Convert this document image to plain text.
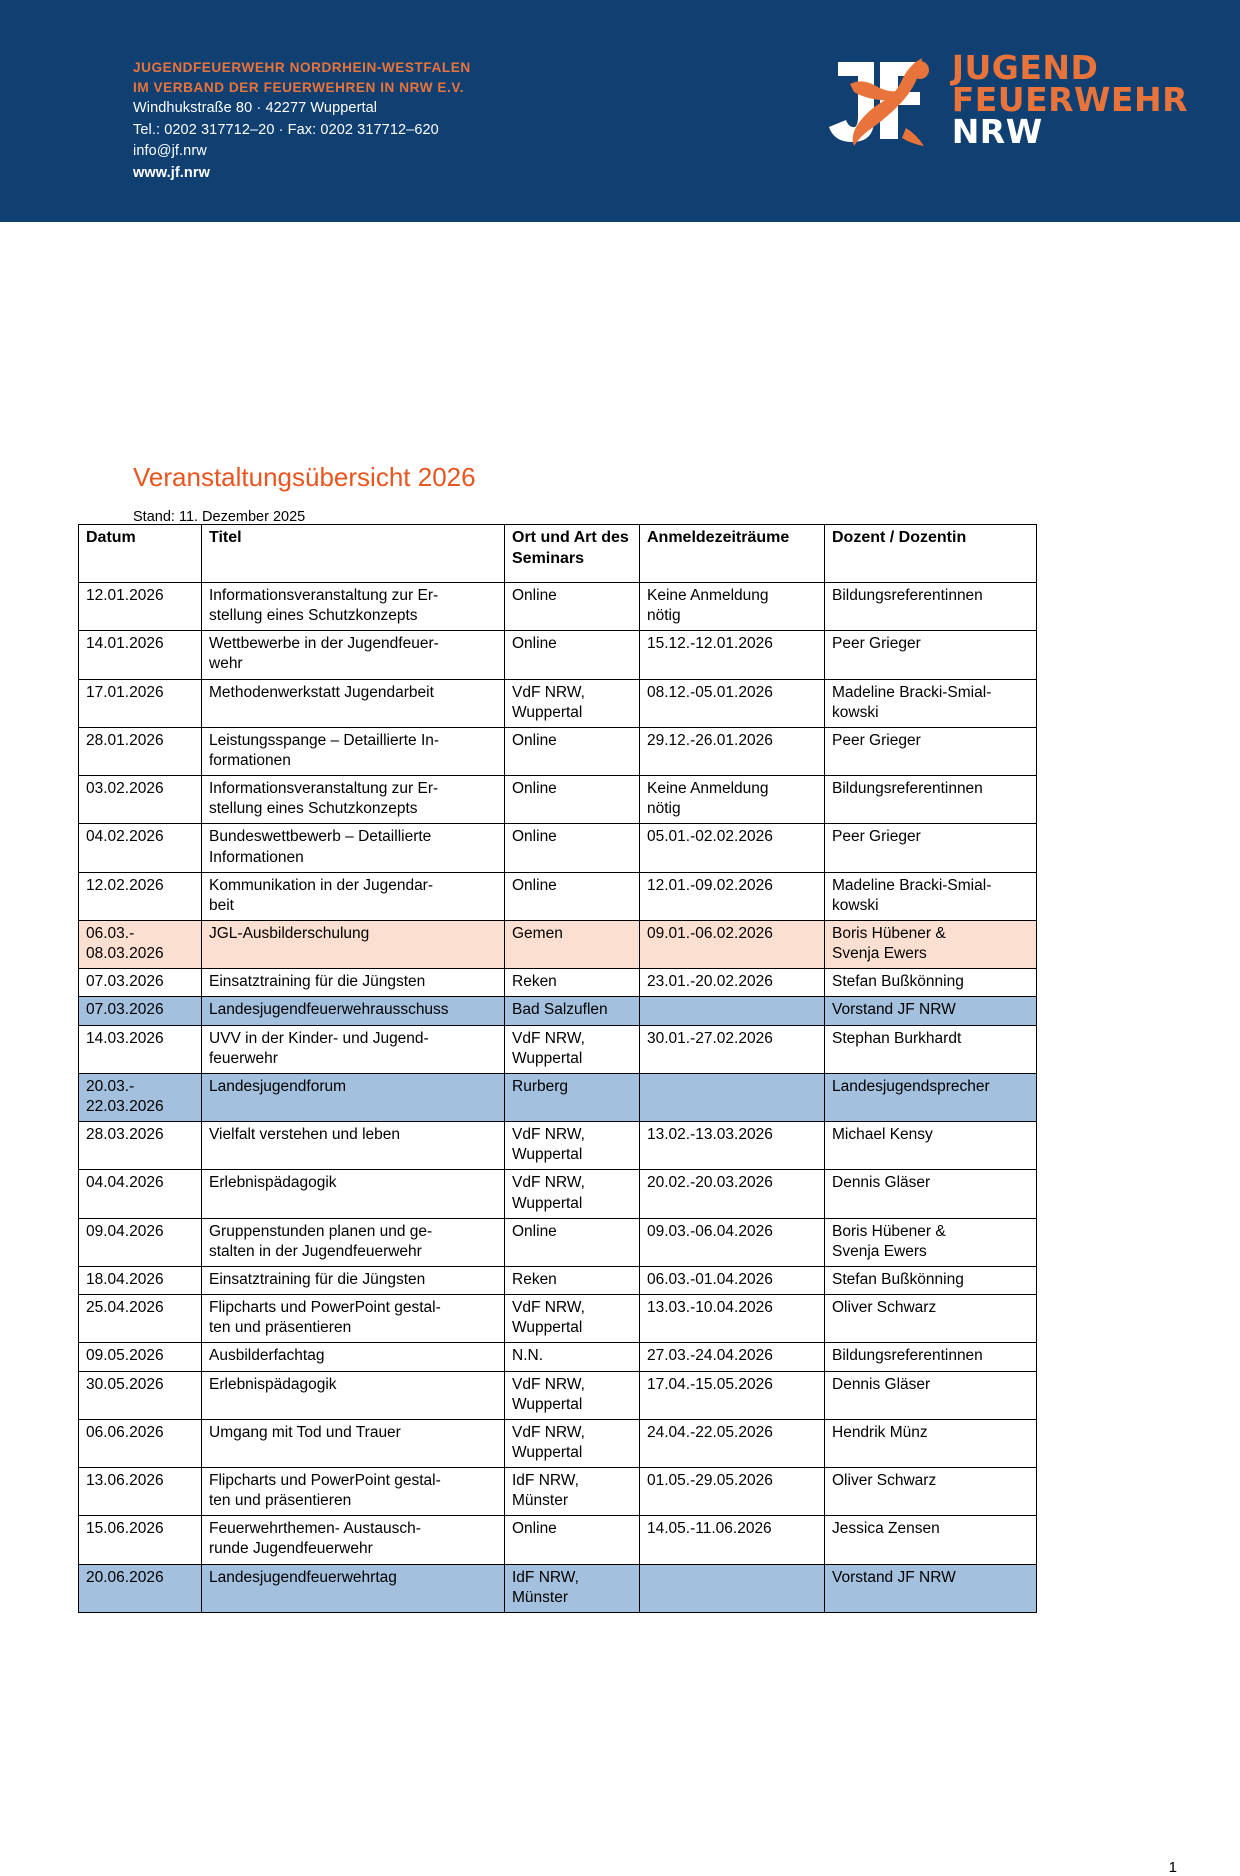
JUGENDFEUERWEHR NORDRHEIN-WESTFALEN
IM VERBAND DER FEUERWEHREN IN NRW E.V.
Windhukstraße 80 · 42277 Wuppertal
Tel.: 0202 317712–20 · Fax: 0202 317712–620
info@jf.nrw
www.jf.nrw
JUGEND
FEUERWEHR
NRW
Veranstaltungsübersicht 2026
Stand: 11. Dezember 2025
Datum	Titel	Ort und Art des Seminars	Anmeldezeiträume	Dozent / Dozentin

12.01.2026	Informationsveranstaltung zur Er-
stellung eines Schutzkonzepts	Online	Keine Anmeldung
nötig	Bildungsreferentinnen

14.01.2026	Wettbewerbe in der Jugendfeuer-
wehr	Online	15.12.-12.01.2026	Peer Grieger

17.01.2026	Methodenwerkstatt Jugendarbeit	VdF NRW,
Wuppertal	08.12.-05.01.2026	Madeline Bracki-Smial-
kowski

28.01.2026	Leistungsspange – Detaillierte In-
formationen	Online	29.12.-26.01.2026	Peer Grieger

03.02.2026	Informationsveranstaltung zur Er-
stellung eines Schutzkonzepts	Online	Keine Anmeldung
nötig	Bildungsreferentinnen

04.02.2026	Bundeswettbewerb – Detaillierte
Informationen	Online	05.01.-02.02.2026	Peer Grieger

12.02.2026	Kommunikation in der Jugendar-
beit	Online	12.01.-09.02.2026	Madeline Bracki-Smial-
kowski

06.03.-
08.03.2026	JGL-Ausbilderschulung	Gemen	09.01.-06.02.2026	Boris Hübener &
Svenja Ewers

07.03.2026	Einsatztraining für die Jüngsten	Reken	23.01.-20.02.2026	Stefan Bußkönning

07.03.2026	Landesjugendfeuerwehrausschuss	Bad Salzuflen		Vorstand JF NRW

14.03.2026	UVV in der Kinder- und Jugend-
feuerwehr	VdF NRW,
Wuppertal	30.01.-27.02.2026	Stephan Burkhardt

20.03.-
22.03.2026	Landesjugendforum	Rurberg		Landesjugendsprecher

28.03.2026	Vielfalt verstehen und leben	VdF NRW,
Wuppertal	13.02.-13.03.2026	Michael Kensy

04.04.2026	Erlebnispädagogik	VdF NRW,
Wuppertal	20.02.-20.03.2026	Dennis Gläser

09.04.2026	Gruppenstunden planen und ge-
stalten in der Jugendfeuerwehr	Online	09.03.-06.04.2026	Boris Hübener &
Svenja Ewers

18.04.2026	Einsatztraining für die Jüngsten	Reken	06.03.-01.04.2026	Stefan Bußkönning

25.04.2026	Flipcharts und PowerPoint gestal-
ten und präsentieren	VdF NRW,
Wuppertal	13.03.-10.04.2026	Oliver Schwarz

09.05.2026	Ausbilderfachtag	N.N.	27.03.-24.04.2026	Bildungsreferentinnen

30.05.2026	Erlebnispädagogik	VdF NRW,
Wuppertal	17.04.-15.05.2026	Dennis Gläser

06.06.2026	Umgang mit Tod und Trauer	VdF NRW,
Wuppertal	24.04.-22.05.2026	Hendrik Münz

13.06.2026	Flipcharts und PowerPoint gestal-
ten und präsentieren	IdF NRW,
Münster	01.05.-29.05.2026	Oliver Schwarz

15.06.2026	Feuerwehrthemen- Austausch-
runde Jugendfeuerwehr	Online	14.05.-11.06.2026	Jessica Zensen

20.06.2026	Landesjugendfeuerwehrtag	IdF NRW,
Münster		Vorstand JF NRW
1
